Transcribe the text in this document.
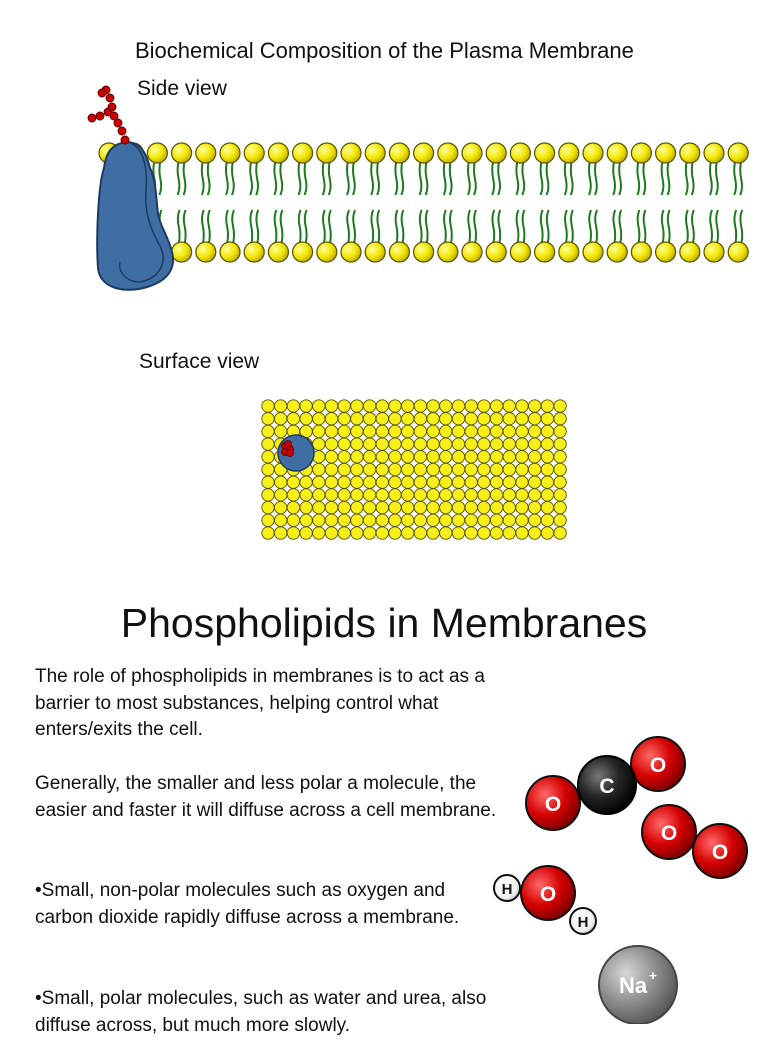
Biochemical Composition of the Plasma Membrane
Side view
Surface view
O
O
C
O
O
H
H
O
Na +
Phospholipids in Membranes

The role of phospholipids in membranes is to act as a barrier to most substances, helping control what enters/exits the cell.

Generally, the smaller and less polar a molecule, the easier and faster it will diffuse across a cell membrane.

•Small, non-polar molecules such as oxygen and carbon dioxide rapidly diffuse across a membrane.

•Small, polar molecules, such as water and urea, also diffuse across, but much more slowly.
